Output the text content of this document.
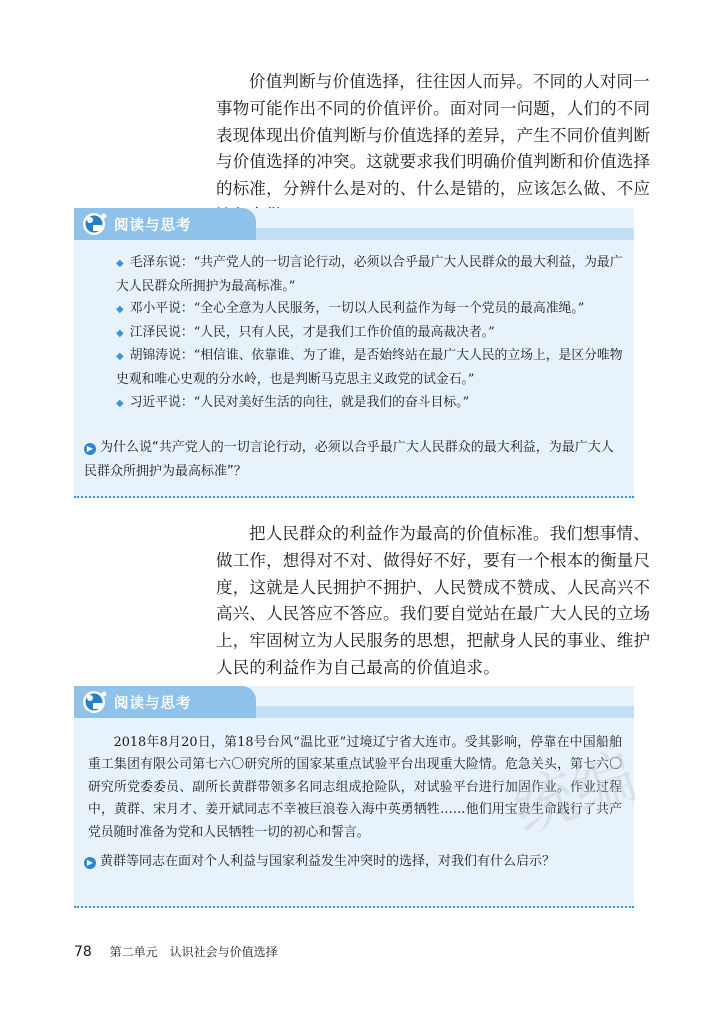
价值判断与价值选择，往往因人而异。不同的人对同一事物可能作出不同的价值评价。面对同一问题，人们的不同表现体现出价值判断与价值选择的差异，产生不同价值判断与价值选择的冲突。这就要求我们明确价值判断和价值选择的标准，分辨什么是对的、什么是错的，应该怎么做、不应

阅读与思考

◆ 毛泽东说：“共产党人的一切言论行动，必须以合乎最广大人民群众的最大利益，为最广大人民群众所拥护为最高标准。”

◆ 邓小平说：“全心全意为人民服务，一切以人民利益作为每一个党员的最高准绳。”

◆ 江泽民说：“人民，只有人民，才是我们工作价值的最高裁决者。”

◆ 胡锦涛说：“相信谁、依靠谁、为了谁，是否始终站在最广大人民的立场上，是区分唯物史观和唯心史观的分水岭，也是判断马克思主义政党的试金石。”

◆ 习近平说：“人民对美好生活的向往，就是我们的奋斗目标。”

▶ 为什么说“共产党人的一切言论行动，必须以合乎最广大人民群众的最大利益，为最广大人民群众所拥护为最高标准”？

把人民群众的利益作为最高的价值标准。我们想事情、做工作，想得对不对、做得好不好，要有一个根本的衡量尺度，这就是人民拥护不拥护、人民赞成不赞成、人民高兴不高兴、人民答应不答应。我们要自觉站在最广大人民的立场上，牢固树立为人民服务的思想，把献身人民的事业、维护人民的利益作为自己最高的价值追求。

阅读与思考

2018年8月20日，第18号台风“温比亚”过境辽宁省大连市。受其影响，停靠在中国船舶重工集团有限公司第七六〇研究所的国家某重点试验平台出现重大险情。危急关头，第七六〇研究所党委委员、副所长黄群带领多名同志组成抢险队，对试验平台进行加固作业。作业过程中，黄群、宋月才、姜开斌同志不幸被巨浪卷入海中英勇牺牲……他们用宝贵生命践行了共产党员随时准备为党和人民牺牲一切的初心和誓言。

▶ 黄群等同志在面对个人利益与国家利益发生冲突时的选择，对我们有什么启示？
统编
78 第二单元　认识社会与价值选择
